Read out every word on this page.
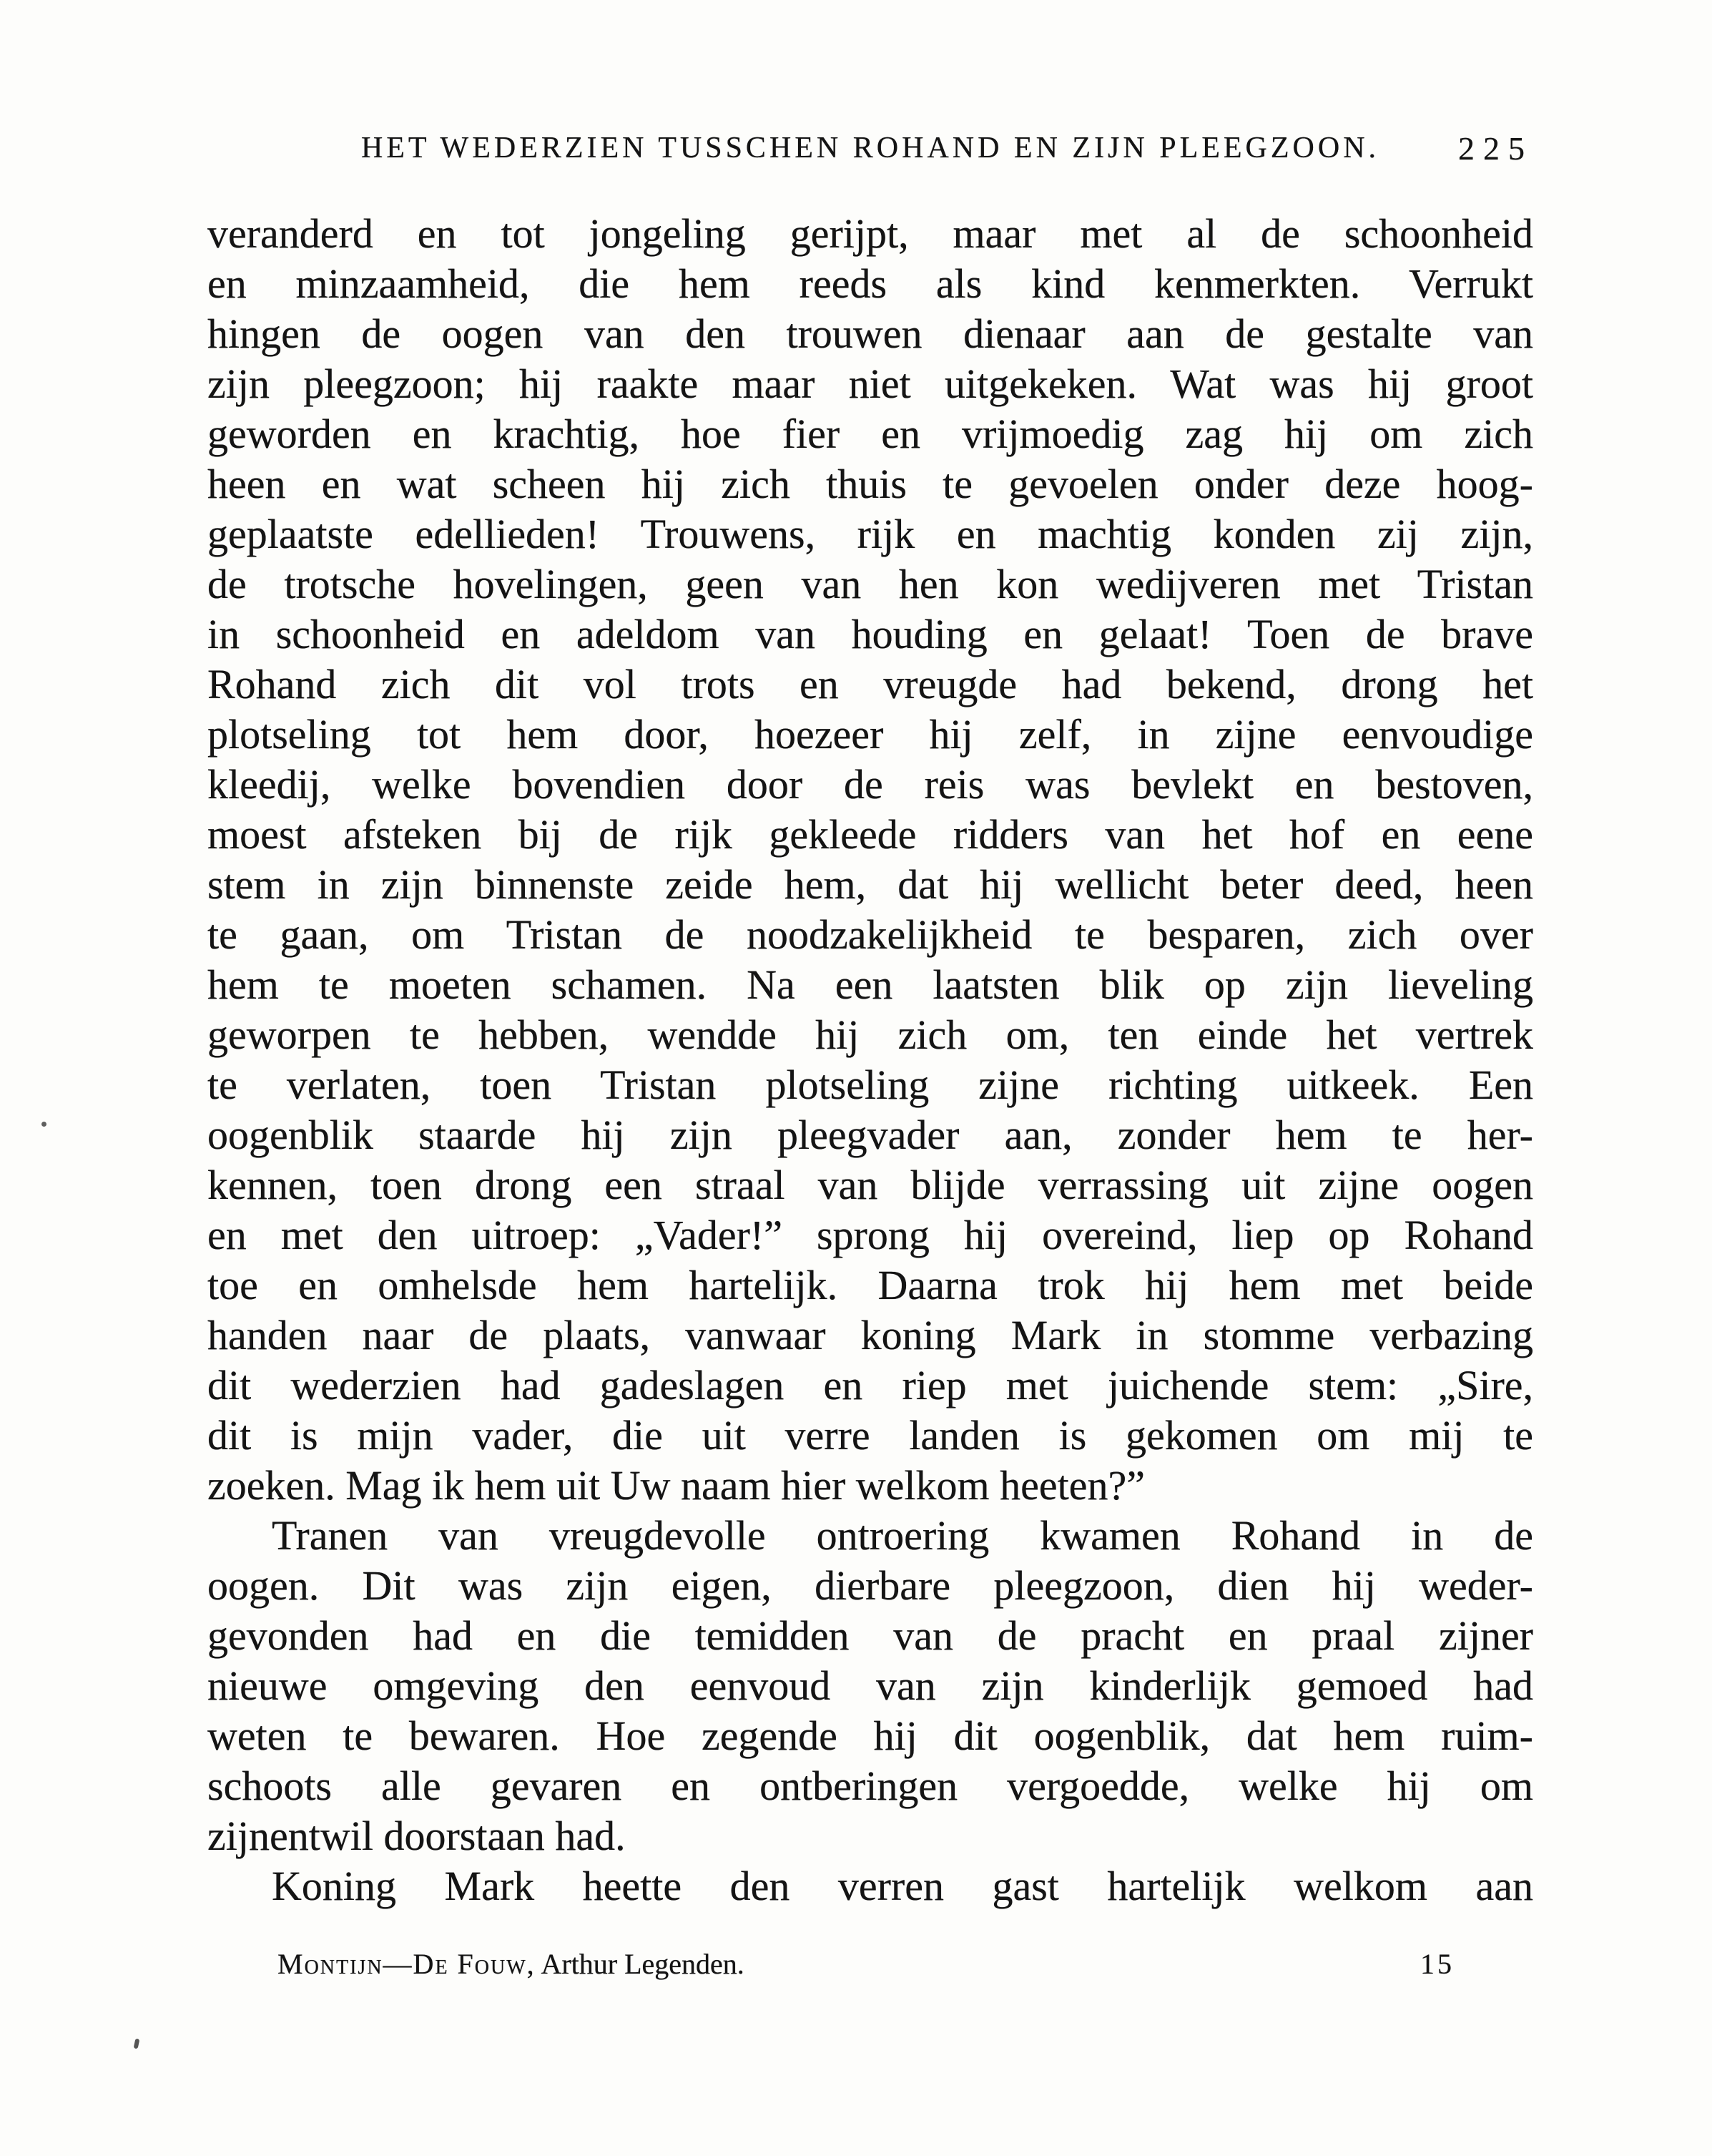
HET WEDERZIEN TUSSCHEN ROHAND EN ZIJN PLEEGZOON.	225
veranderd en tot jongeling gerijpt, maar met al de schoonheid
en minzaamheid, die hem reeds als kind kenmerkten. Verrukt
hingen de oogen van den trouwen dienaar aan de gestalte van
zijn pleegzoon; hij raakte maar niet uitgekeken. Wat was hij groot
geworden en krachtig, hoe fier en vrijmoedig zag hij om zich
heen en wat scheen hij zich thuis te gevoelen onder deze hoog-
geplaatste edellieden! Trouwens, rijk en machtig konden zij zijn,
de trotsche hovelingen, geen van hen kon wedijveren met Tristan
in schoonheid en adeldom van houding en gelaat! Toen de brave
Rohand zich dit vol trots en vreugde had bekend, drong het
plotseling tot hem door, hoezeer hij zelf, in zijne eenvoudige
kleedij, welke bovendien door de reis was bevlekt en bestoven,
moest afsteken bij de rijk gekleede ridders van het hof en eene
stem in zijn binnenste zeide hem, dat hij wellicht beter deed, heen
te gaan, om Tristan de noodzakelijkheid te besparen, zich over
hem te moeten schamen. Na een laatsten blik op zijn lieveling
geworpen te hebben, wendde hij zich om, ten einde het vertrek
te verlaten, toen Tristan plotseling zijne richting uitkeek. Een
oogenblik staarde hij zijn pleegvader aan, zonder hem te her-
kennen, toen drong een straal van blijde verrassing uit zijne oogen
en met den uitroep: „Vader!” sprong hij overeind, liep op Rohand
toe en omhelsde hem hartelijk. Daarna trok hij hem met beide
handen naar de plaats, vanwaar koning Mark in stomme verbazing
dit wederzien had gadeslagen en riep met juichende stem: „Sire,
dit is mijn vader, die uit verre landen is gekomen om mij te
zoeken. Mag ik hem uit Uw naam hier welkom heeten?”
Tranen van vreugdevolle ontroering kwamen Rohand in de
oogen. Dit was zijn eigen, dierbare pleegzoon, dien hij weder-
gevonden had en die temidden van de pracht en praal zijner
nieuwe omgeving den eenvoud van zijn kinderlijk gemoed had
weten te bewaren. Hoe zegende hij dit oogenblik, dat hem ruim-
schoots alle gevaren en ontberingen vergoedde, welke hij om
zijnentwil doorstaan had.
Koning Mark heette den verren gast hartelijk welkom aan
Montijn—De Fouw, Arthur Legenden.	15
